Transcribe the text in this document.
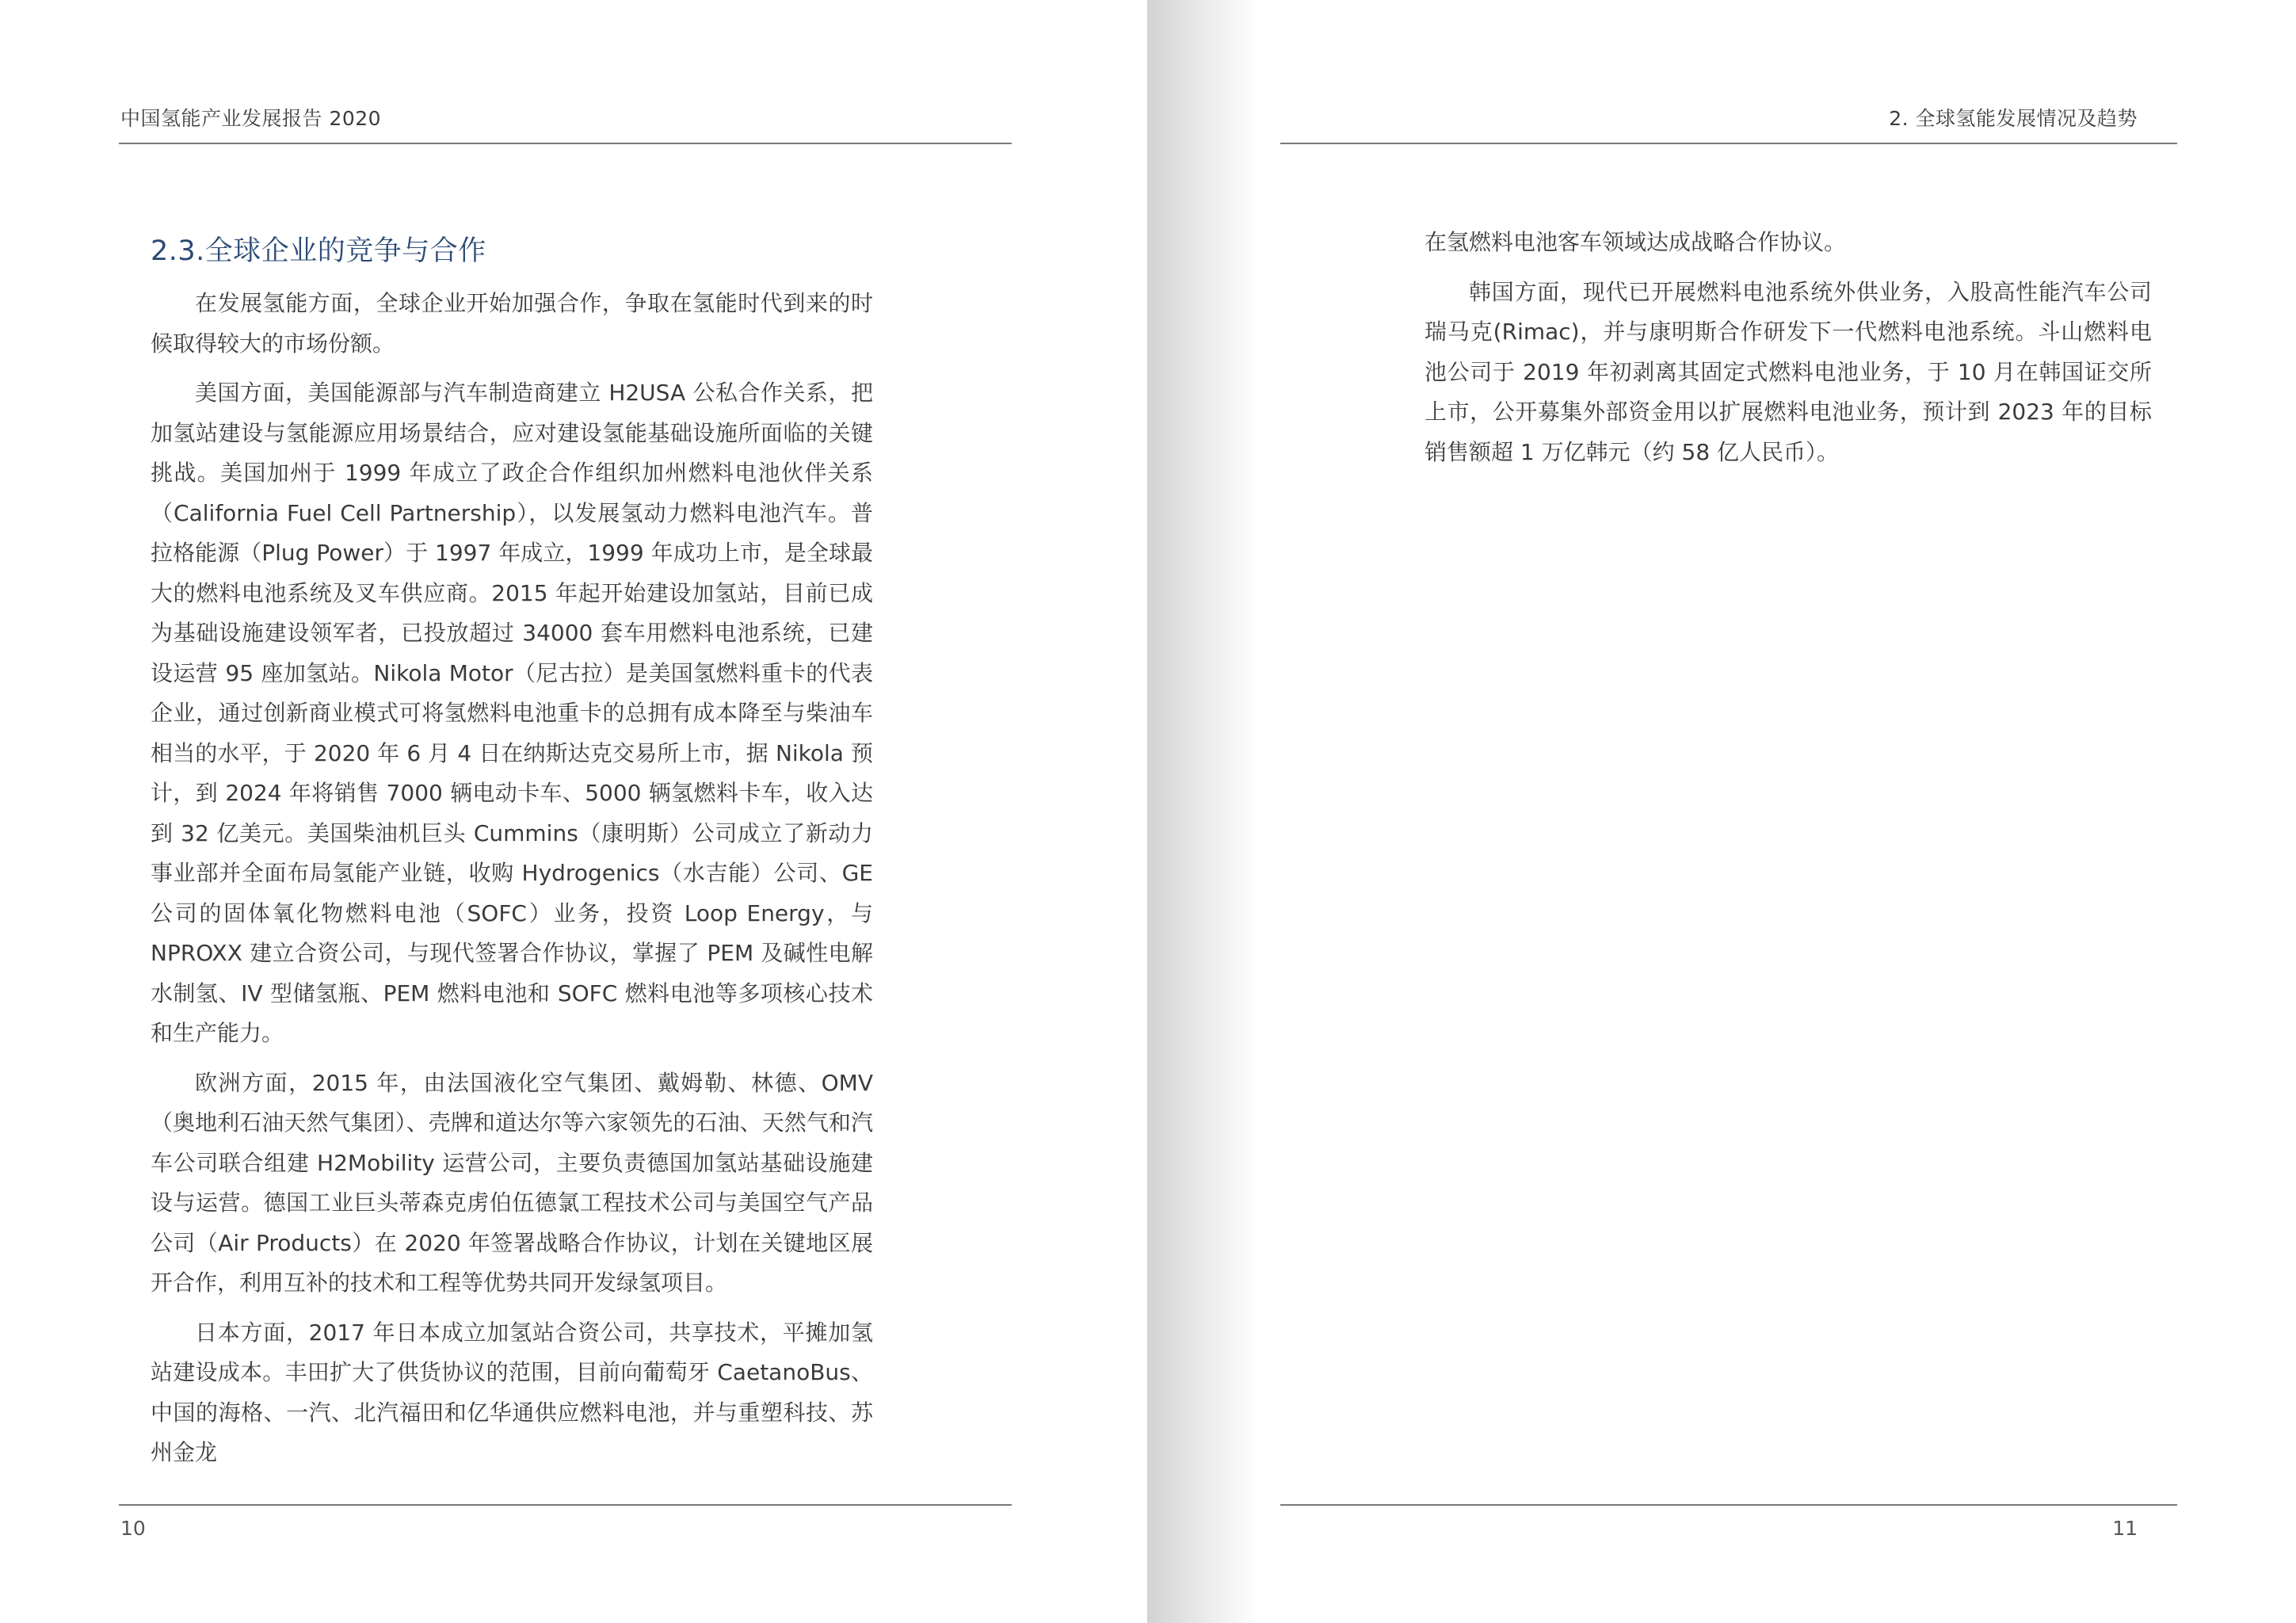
中国氢能产业发展报告 2020
2.3.全球企业的竞争与合作

在发展氢能方面，全球企业开始加强合作，争取在氢能时代到来的时候取得较大的市场份额。

美国方面，美国能源部与汽车制造商建立 H2USA 公私合作关系，把加氢站建设与氢能源应用场景结合，应对建设氢能基础设施所面临的关键挑战。美国加州于 1999 年成立了政企合作组织加州燃料电池伙伴关系（California Fuel Cell Partnership），以发展氢动力燃料电池汽车。普拉格能源（Plug Power）于 1997 年成立，1999 年成功上市，是全球最大的燃料电池系统及叉车供应商。2015 年起开始建设加氢站，目前已成为基础设施建设领军者，已投放超过 34000 套车用燃料电池系统，已建设运营 95 座加氢站。Nikola Motor（尼古拉）是美国氢燃料重卡的代表企业，通过创新商业模式可将氢燃料电池重卡的总拥有成本降至与柴油车相当的水平，于 2020 年 6 月 4 日在纳斯达克交易所上市，据 Nikola 预计，到 2024 年将销售 7000 辆电动卡车、5000 辆氢燃料卡车，收入达到 32 亿美元。美国柴油机巨头 Cummins（康明斯）公司成立了新动力事业部并全面布局氢能产业链，收购 Hydrogenics（水吉能）公司、GE 公司的固体氧化物燃料电池（SOFC）业务，投资 Loop Energy，与 NPROXX 建立合资公司，与现代签署合作协议，掌握了 PEM 及碱性电解水制氢、IV 型储氢瓶、PEM 燃料电池和 SOFC 燃料电池等多项核心技术和生产能力。

欧洲方面，2015 年，由法国液化空气集团、戴姆勒、林德、OMV（奥地利石油天然气集团）、壳牌和道达尔等六家领先的石油、天然气和汽车公司联合组建 H2Mobility 运营公司，主要负责德国加氢站基础设施建设与运营。德国工业巨头蒂森克虏伯伍德氯工程技术公司与美国空气产品公司（Air Products）在 2020 年签署战略合作协议，计划在关键地区展开合作，利用互补的技术和工程等优势共同开发绿氢项目。

日本方面，2017 年日本成立加氢站合资公司，共享技术，平摊加氢站建设成本。丰田扩大了供货协议的范围，目前向葡萄牙 CaetanoBus、中国的海格、一汽、北汽福田和亿华通供应燃料电池，并与重塑科技、苏州金龙

10
2. 全球氢能发展情况及趋势

在氢燃料电池客车领域达成战略合作协议。

韩国方面，现代已开展燃料电池系统外供业务，入股高性能汽车公司瑞马克(Rimac)，并与康明斯合作研发下一代燃料电池系统。斗山燃料电池公司于 2019 年初剥离其固定式燃料电池业务，于 10 月在韩国证交所上市，公开募集外部资金用以扩展燃料电池业务，预计到 2023 年的目标销售额超 1 万亿韩元（约 58 亿人民币）。

11
